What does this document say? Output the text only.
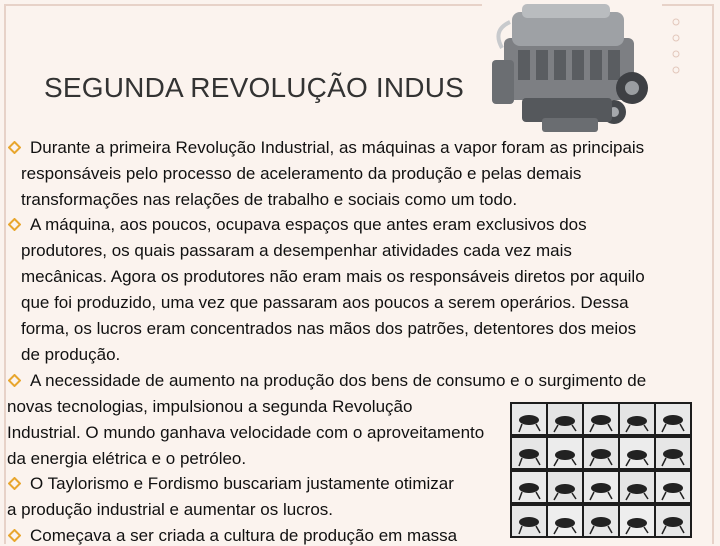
SEGUNDA REVOLUÇÃO INDUS
Durante a primeira Revolução Industrial, as máquinas a vapor foram as principais
responsáveis pelo processo de aceleramento da produção e pelas demais
transformações nas relações de trabalho e sociais como um todo.
A máquina, aos poucos, ocupava espaços que antes eram exclusivos dos
produtores, os quais passaram a desempenhar atividades cada vez mais
mecânicas. Agora os produtores não eram mais os responsáveis diretos por aquilo
que foi produzido, uma vez que passaram aos poucos a serem operários. Dessa
forma, os lucros eram concentrados nas mãos dos patrões, detentores dos meios
de produção.
A necessidade de aumento na produção dos bens de consumo e o surgimento de
novas tecnologias, impulsionou a segunda Revolução
Industrial. O mundo ganhava velocidade com o aproveitamento
da energia elétrica e o petróleo.
O Taylorismo e Fordismo buscariam justamente otimizar
a produção industrial e aumentar os lucros.
Começava a ser criada a cultura de produção em massa
